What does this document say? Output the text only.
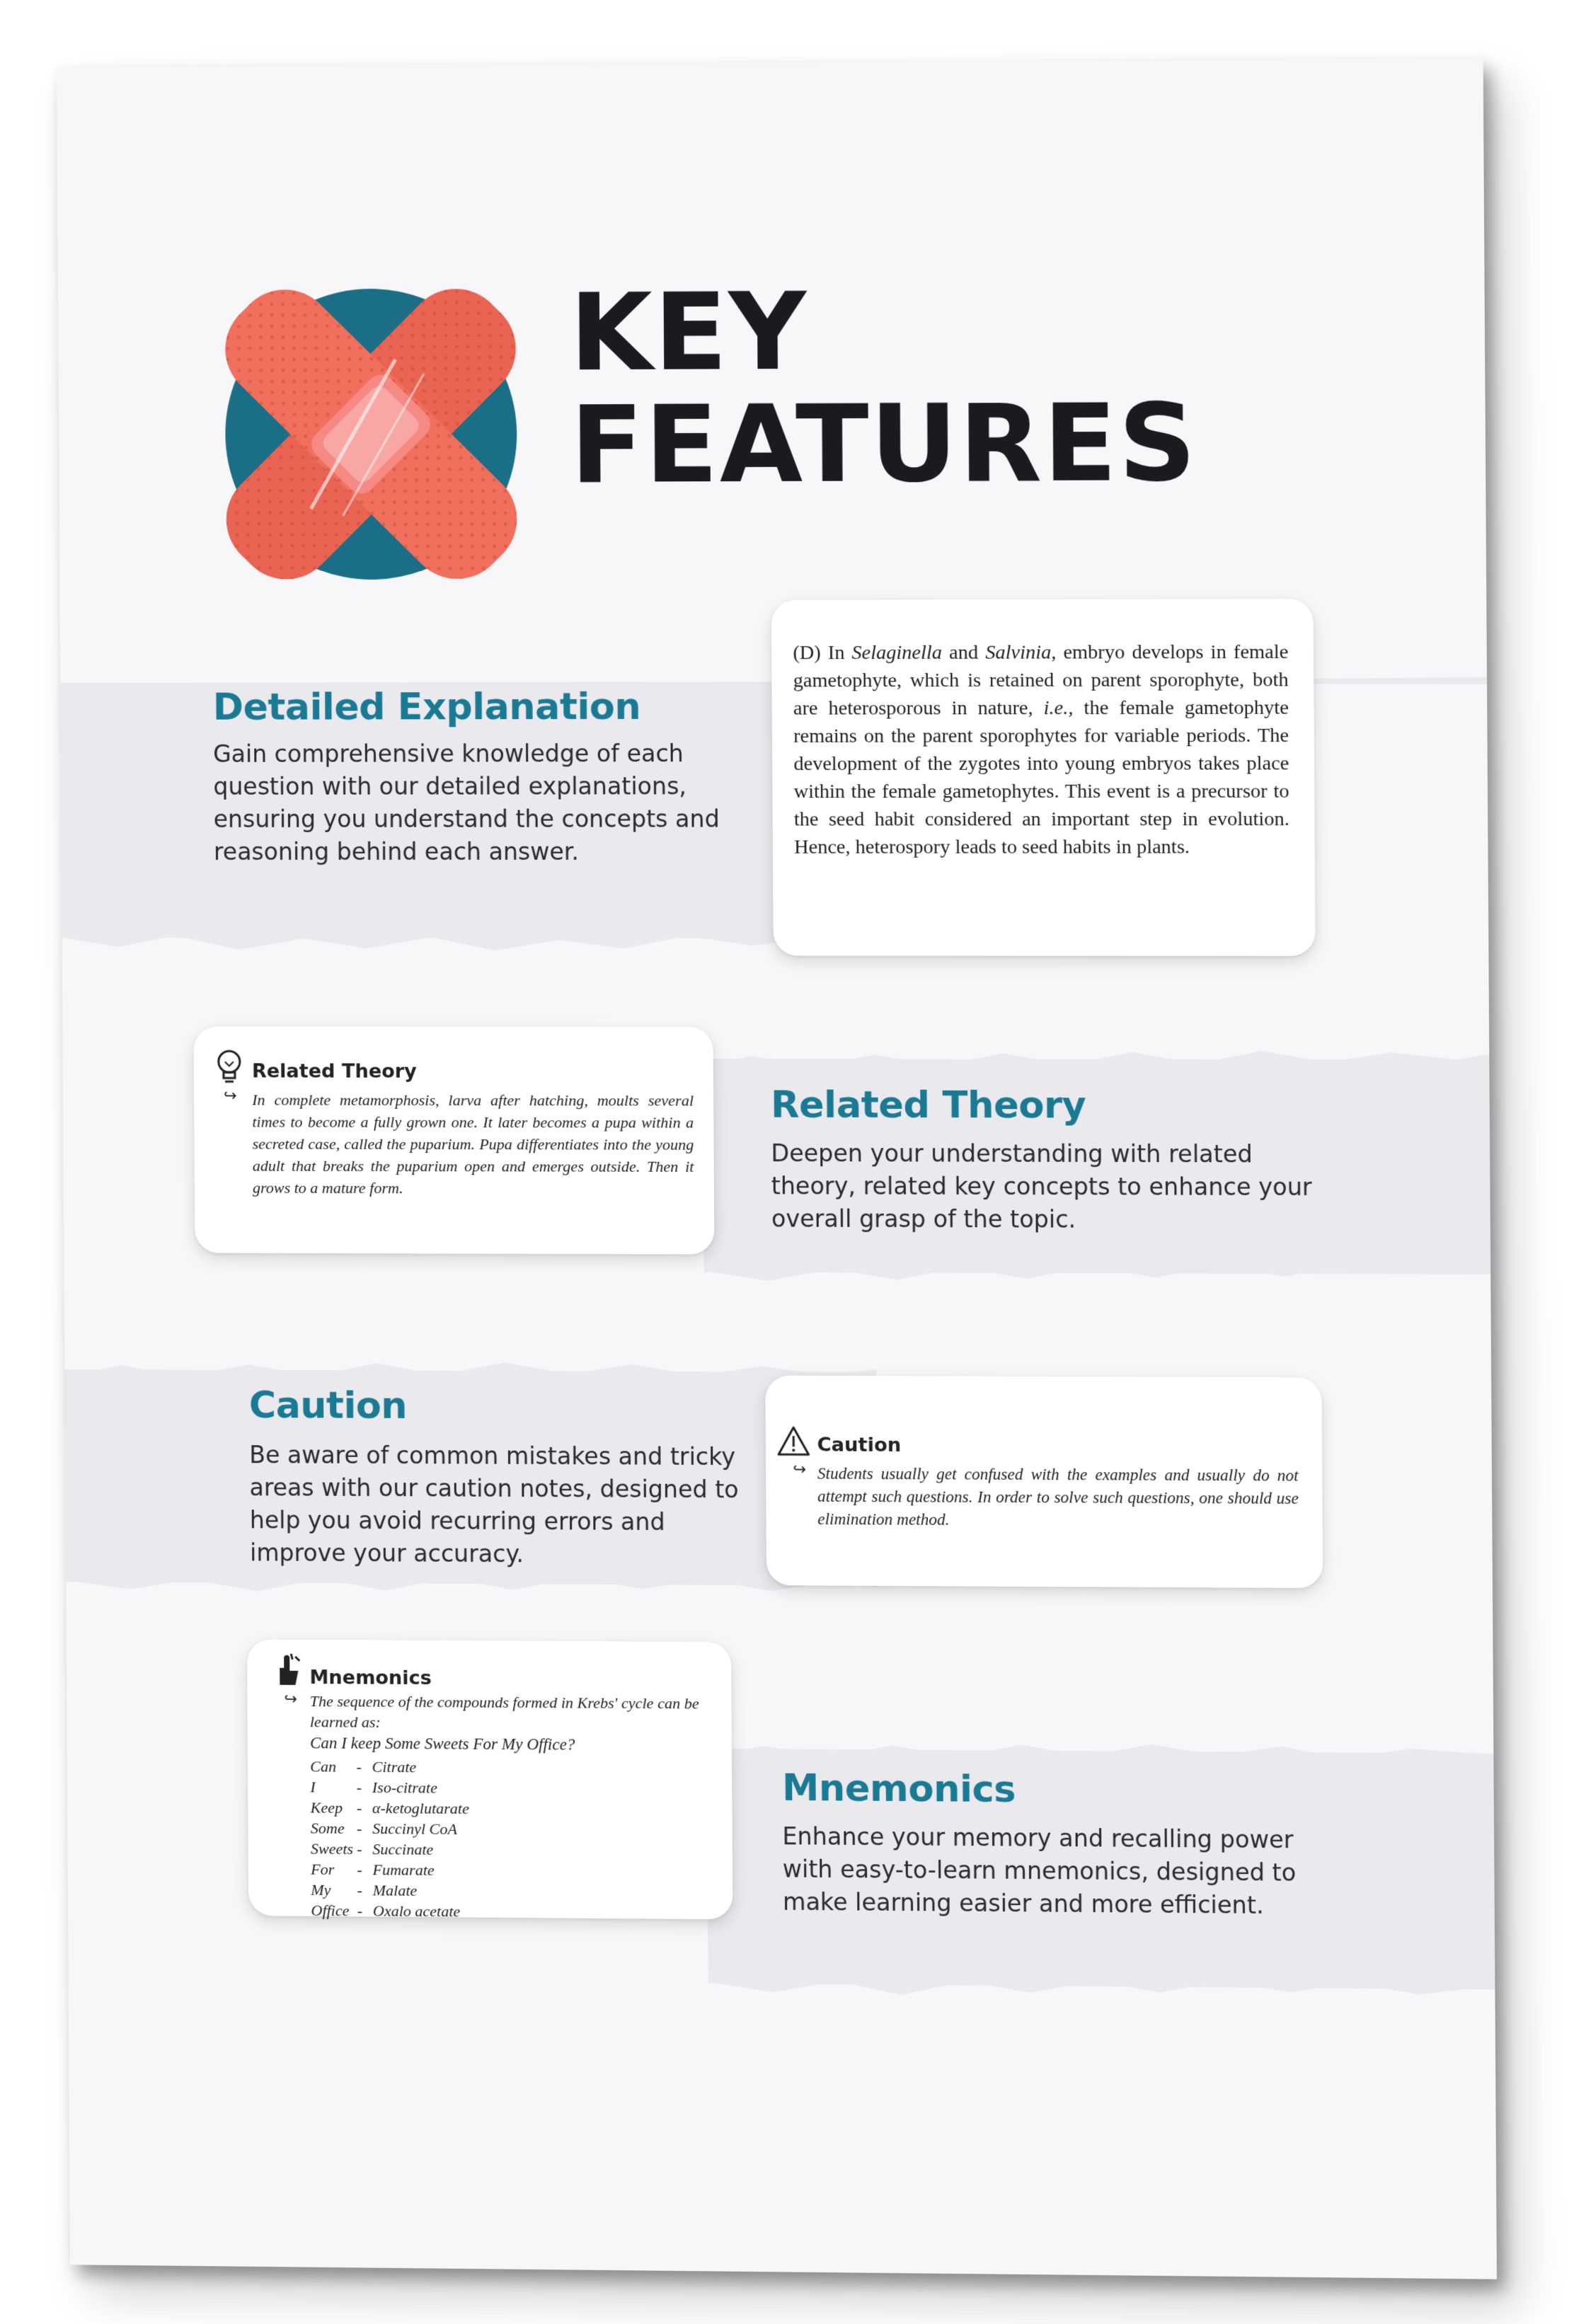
KEY
FEATURES
Detailed Explanation
Gain comprehensive knowledge of each question with our detailed explanations, ensuring you understand the concepts and reasoning behind each answer.
(D) In Selaginella and Salvinia, embryo develops in female gametophyte, which is retained on parent sporophyte, both are heterosporous in nature, i.e., the female gametophyte remains on the parent sporophytes for variable periods. The development of the zygotes into young embryos takes place within the female gametophytes. This event is a precursor to the seed habit considered an important step in evolution. Hence, heterospory leads to seed habits in plants.
Related Theory
↪ In complete metamorphosis, larva after hatching, moults several times to become a fully grown one. It later becomes a pupa within a secreted case, called the puparium. Pupa differentiates into the young adult that breaks the puparium open and emerges outside. Then it grows to a mature form.
Related Theory
Deepen your understanding with related theory, related key concepts to enhance your overall grasp of the topic.
Caution
Be aware of common mistakes and tricky areas with our caution notes, designed to help you avoid recurring errors and improve your accuracy.
Caution
↪ Students usually get confused with the examples and usually do not attempt such questions. In order to solve such questions, one should use elimination method.
Mnemonics
↪ The sequence of the compounds formed in Krebs' cycle can be learned as:
Can I keep Some Sweets For My Office?
Can	- Citrate
I	- Iso-citrate
Keep - α-ketoglutarate
Some - Succinyl CoA
Sweets - Succinate
For	- Fumarate
My	- Malate
Office - Oxalo acetate
Mnemonics
Enhance your memory and recalling power with easy-to-learn mnemonics, designed to make learning easier and more efficient.
